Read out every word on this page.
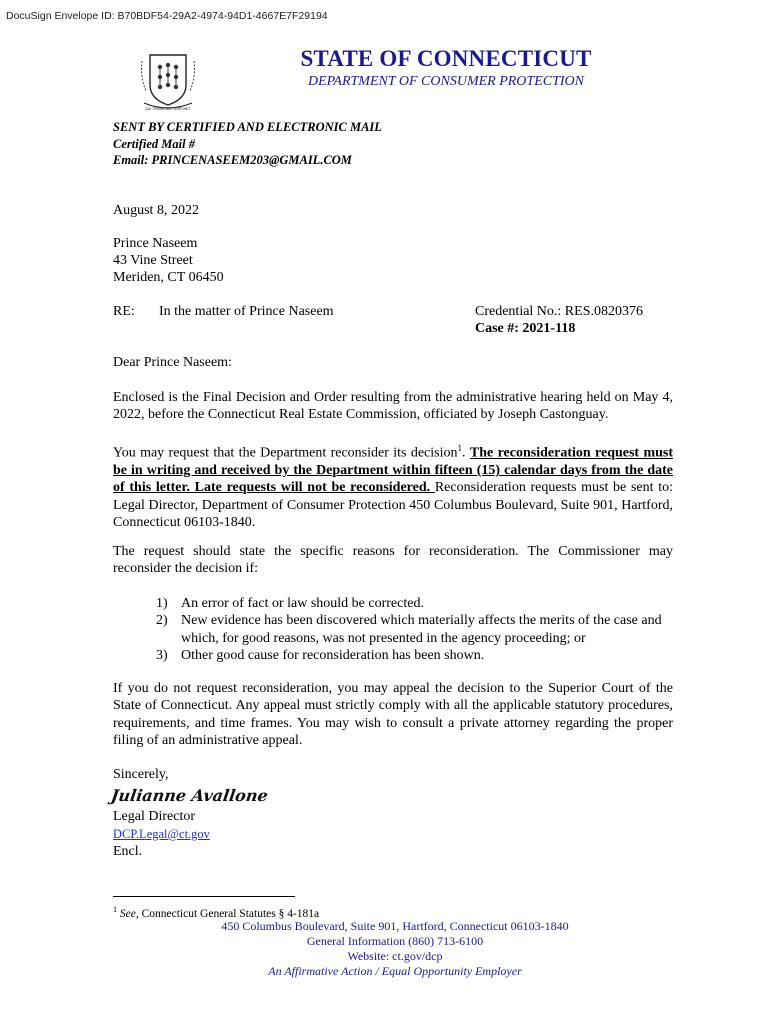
DocuSign Envelope ID: B70BDF54-29A2-4974-94D1-4667E7F29194
QUI TRANSTULIT SUSTINET
STATE OF CONNECTICUT
DEPARTMENT OF CONSUMER PROTECTION
SENT BY CERTIFIED AND ELECTRONIC MAIL
Certified Mail #
Email: PRINCENASEEM203@GMAIL.COM
August 8, 2022
Prince Naseem
43 Vine Street
Meriden, CT 06450
RE: In the matter of Prince Naseem	Credential No.: RES.0820376
Case #: 2021-118
Dear Prince Naseem:
Enclosed is the Final Decision and Order resulting from the administrative hearing held on May 4, 2022, before the Connecticut Real Estate Commission, officiated by Joseph Castonguay.
You may request that the Department reconsider its decision$^1$. The reconsideration request must be in writing and received by the Department within fifteen (15) calendar days from the date of this letter. Late requests will not be reconsidered. Reconsideration requests must be sent to: Legal Director, Department of Consumer Protection 450 Columbus Boulevard, Suite 901, Hartford, Connecticut 06103-1840.
The request should state the specific reasons for reconsideration. The Commissioner may reconsider the decision if:
1) An error of fact or law should be corrected.
2) New evidence has been discovered which materially affects the merits of the case and which, for good reasons, was not presented in the agency proceeding; or
3) Other good cause for reconsideration has been shown.
If you do not request reconsideration, you may appeal the decision to the Superior Court of the State of Connecticut. Any appeal must strictly comply with all the applicable statutory procedures, requirements, and time frames. You may wish to consult a private attorney regarding the proper filing of an administrative appeal.
Sincerely,
Julianne Avallone
Legal Director
DCP.Legal@ct.gov
Encl.
$^1$ See, Connecticut General Statutes § 4-181a
450 Columbus Boulevard, Suite 901, Hartford, Connecticut 06103-1840
General Information (860) 713-6100
Website: ct.gov/dcp
An Affirmative Action / Equal Opportunity Employer
